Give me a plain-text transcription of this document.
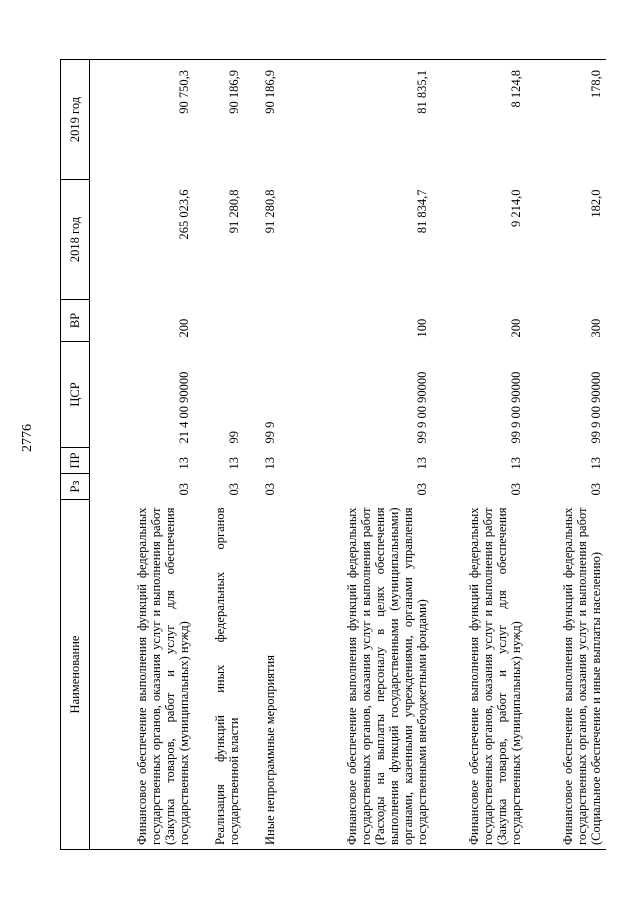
2776
Наименование	Рз	ПР	ЦСР	ВР	2018 год	2019 год
Финансовое обеспечение выполнения функций федеральных государственных органов, оказания услуг и выполнения работ (Закупка товаров, работ и услуг для обеспечения государственных (муниципальных) нужд)	03	13	21 4 00 90000	200	265 023,6	90 750,3
Реализация функций иных федеральных органов государственной власти	03	13	99		91 280,8	90 186,9
Иные непрограммные мероприятия	03	13	99 9		91 280,8	90 186,9
Финансовое обеспечение выполнения функций федеральных государственных органов, оказания услуг и выполнения работ (Расходы на выплаты персоналу в целях обеспечения выполнения функций государственными (муниципальными) органами, казенными учреждениями, органами управления государственными внебюджетными фондами)	03	13	99 9 00 90000	100	81 834,7	81 835,1
Финансовое обеспечение выполнения функций федеральных государственных органов, оказания услуг и выполнения работ (Закупка товаров, работ и услуг для обеспечения государственных (муниципальных) нужд)	03	13	99 9 00 90000	200	9 214,0	8 124,8
Финансовое обеспечение выполнения функций федеральных государственных органов, оказания услуг и выполнения работ (Социальное обеспечение и иные выплаты населению)	03	13	99 9 00 90000	300	182,0	178,0
